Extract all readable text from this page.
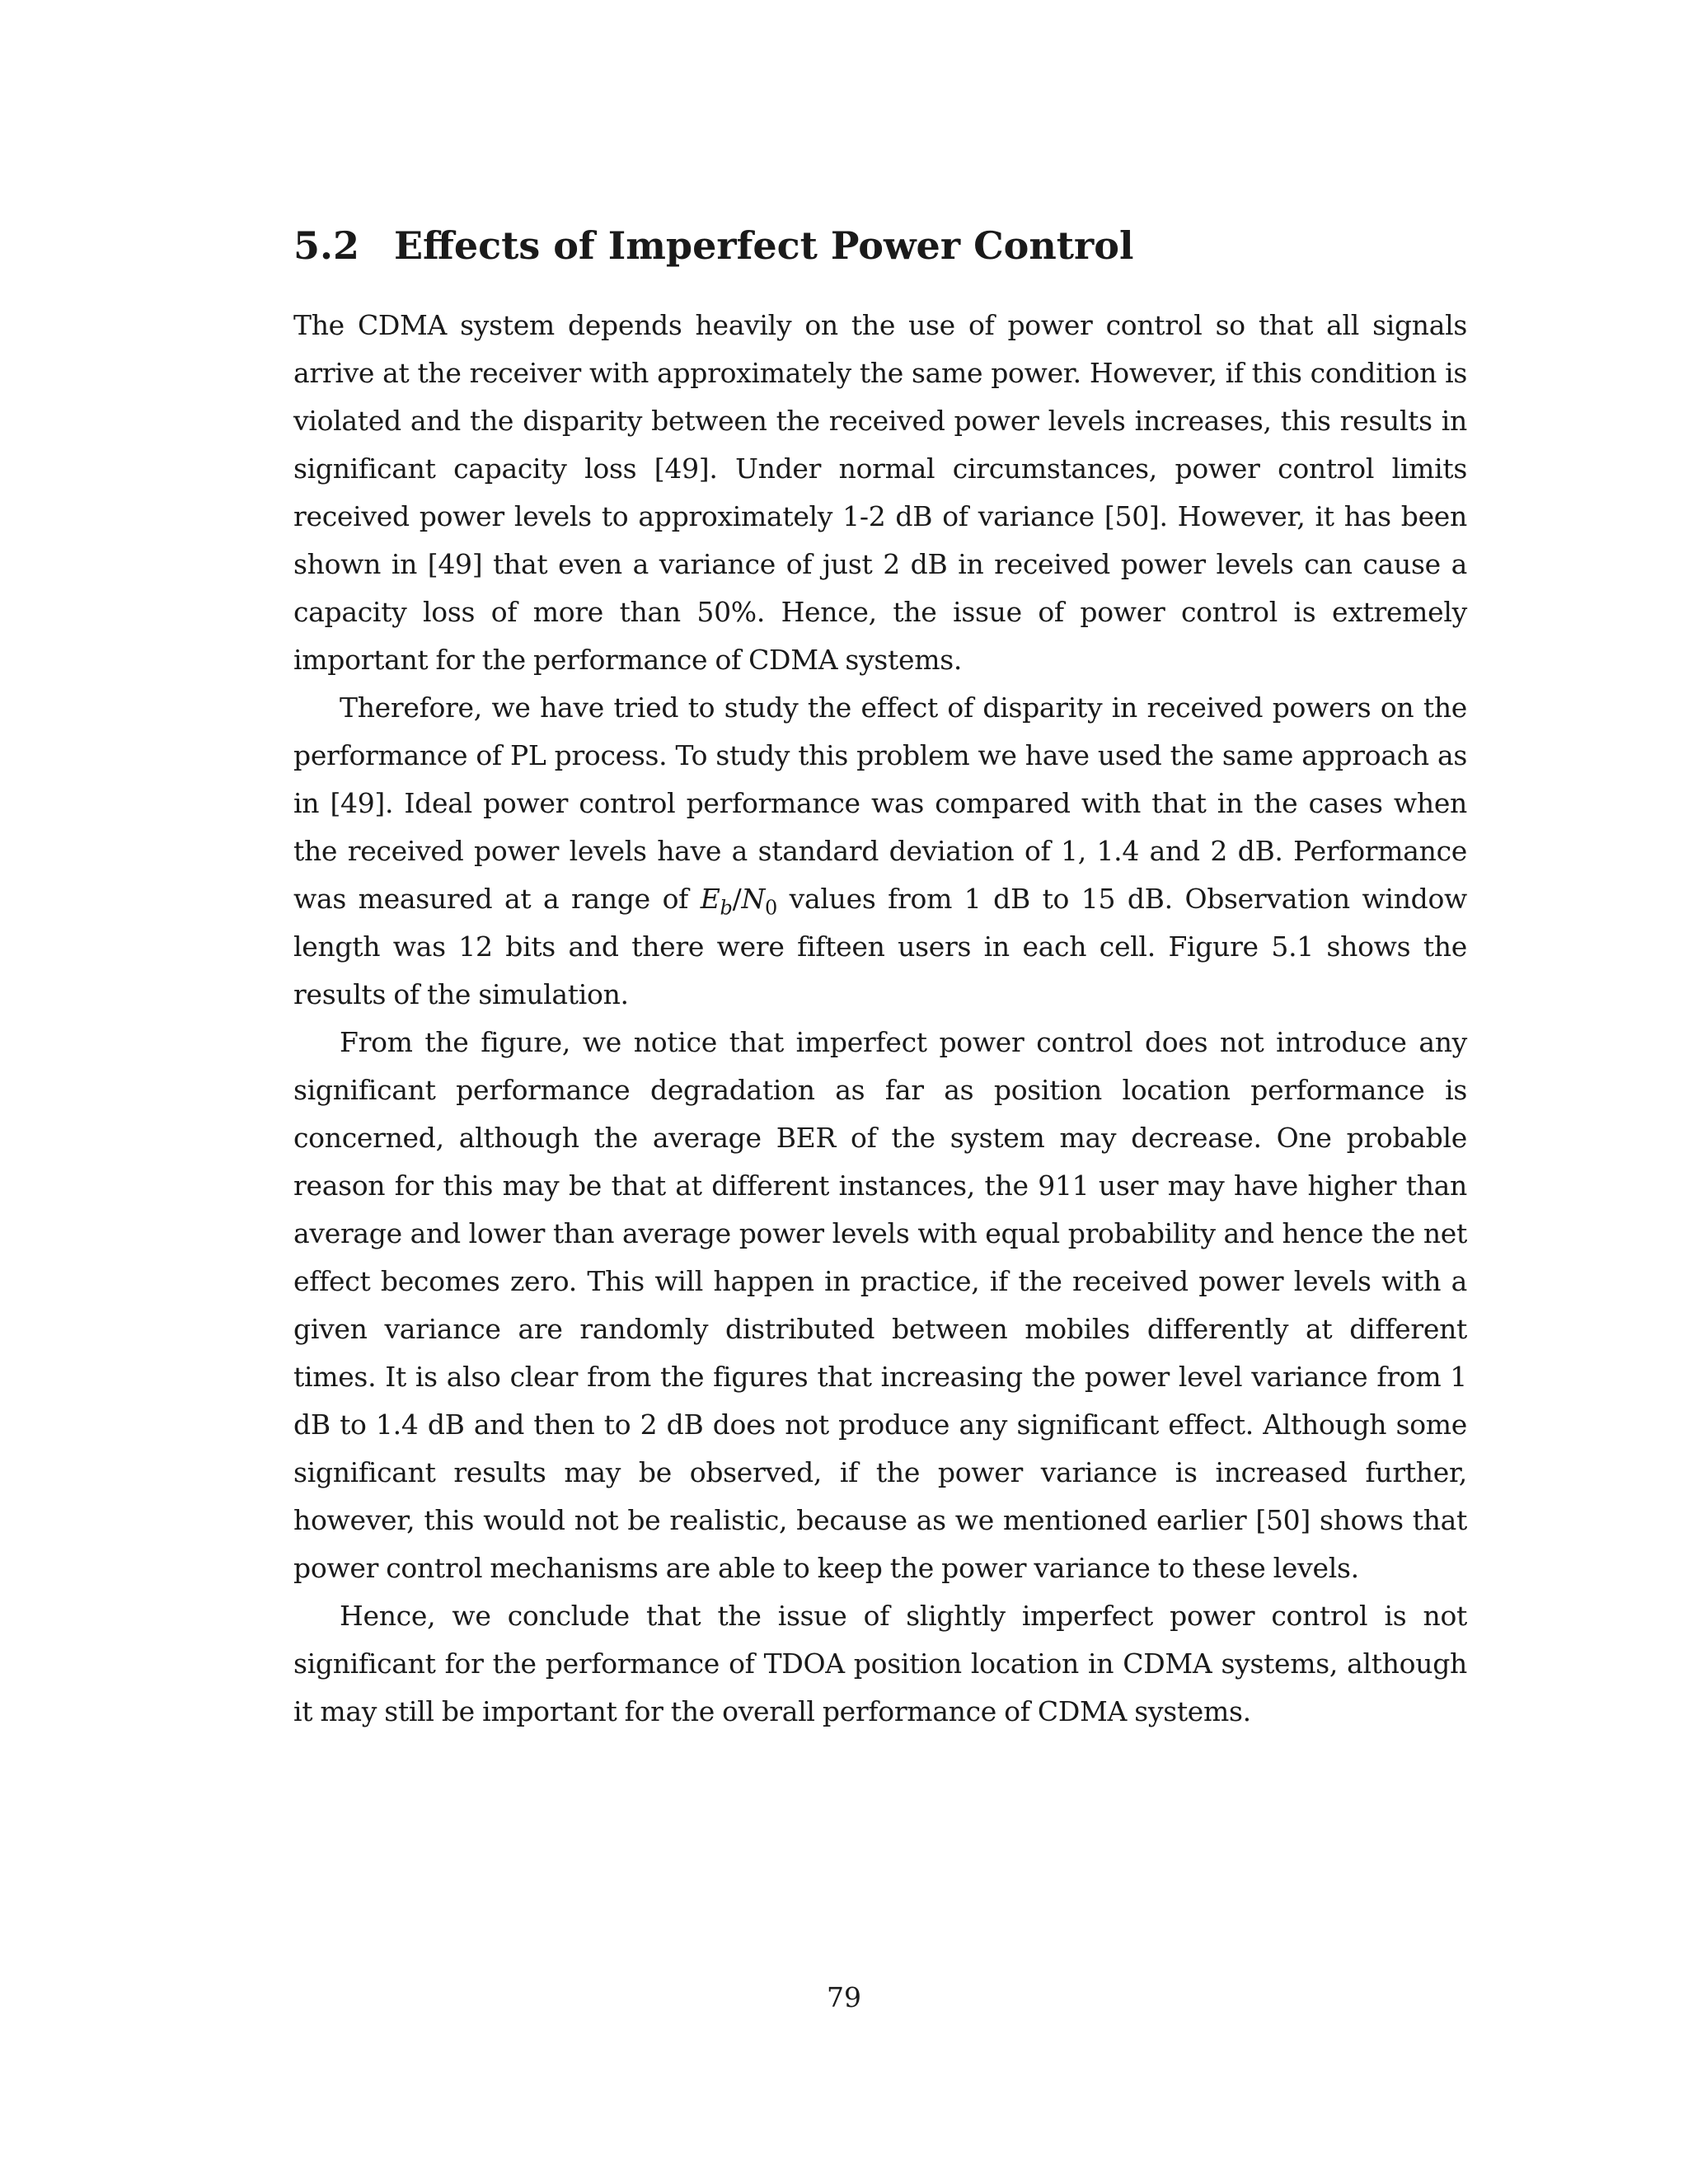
5.2 Effects of Imperfect Power Control

The CDMA system depends heavily on the use of power control so that all signals arrive at the receiver with approximately the same power. However, if this condition is violated and the disparity between the received power levels increases, this results in significant capacity loss [49]. Under normal circumstances, power control limits received power levels to approximately 1-2 dB of variance [50]. However, it has been shown in [49] that even a variance of just 2 dB in received power levels can cause a capacity loss of more than 50%. Hence, the issue of power control is extremely important for the performance of CDMA systems.

Therefore, we have tried to study the effect of disparity in received powers on the performance of PL process. To study this problem we have used the same approach as in [49]. Ideal power control performance was compared with that in the cases when the received power levels have a standard deviation of 1, 1.4 and 2 dB. Performance was measured at a range of $E_b/N_0$ values from 1 dB to 15 dB. Observation window length was 12 bits and there were fifteen users in each cell. Figure 5.1 shows the results of the simulation.

From the figure, we notice that imperfect power control does not introduce any significant performance degradation as far as position location performance is concerned, although the average BER of the system may decrease. One probable reason for this may be that at different instances, the 911 user may have higher than average and lower than average power levels with equal probability and hence the net effect becomes zero. This will happen in practice, if the received power levels with a given variance are randomly distributed between mobiles differently at different times. It is also clear from the figures that increasing the power level variance from 1 dB to 1.4 dB and then to 2 dB does not produce any significant effect. Although some significant results may be observed, if the power variance is increased further, however, this would not be realistic, because as we mentioned earlier [50] shows that power control mechanisms are able to keep the power variance to these levels.

Hence, we conclude that the issue of slightly imperfect power control is not significant for the performance of TDOA position location in CDMA systems, although it may still be important for the overall performance of CDMA systems.

79
